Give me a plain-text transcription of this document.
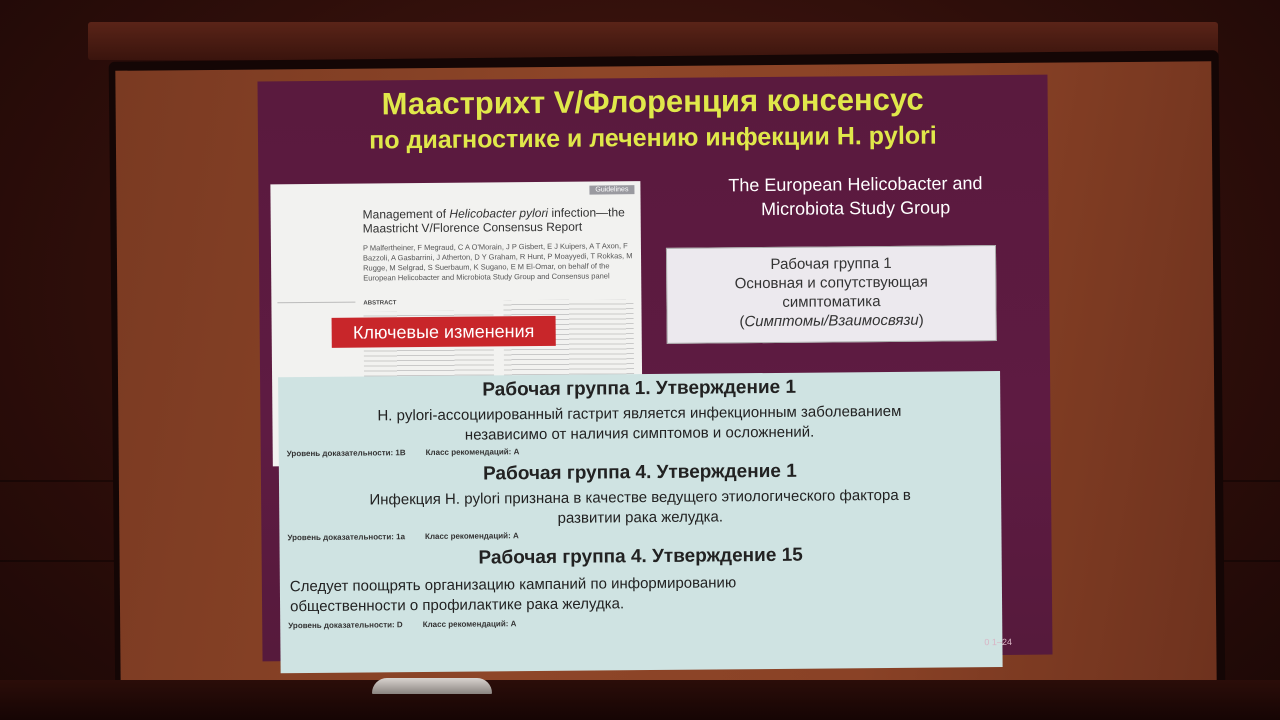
Маастрихт V/Флоренция консенсус
по диагностике и лечению инфекции H. pylori
Guidelines
Management of Helicobacter pylori infection—the Maastricht V/Florence Consensus Report
P Malfertheiner, F Megraud, C A O'Morain, J P Gisbert, E J Kuipers, A T Axon, F Bazzoli, A Gasbarrini, J Atherton, D Y Graham, R Hunt, P Moayyedi, T Rokkas, M Rugge, M Selgrad, S Suerbaum, K Sugano, E M El-Omar, on behalf of the European Helicobacter and Microbiota Study Group and Consensus panel
ABSTRACT
Ключевые изменения
The European Helicobacter and
Microbiota Study Group
Рабочая группа 1
Основная и сопутствующая
симптоматика
(Симптомы/Взаимосвязи)
Рабочая группа 1. Утверждение 1
H. pylori-ассоциированный гастрит является инфекционным заболеванием
независимо от наличия симптомов и осложнений.
Уровень доказательности: 1B Класс рекомендаций: A
Рабочая группа 4. Утверждение 1
Инфекция H. pylori признана в качестве ведущего этиологического фактора в
развитии рака желудка.
Уровень доказательности: 1a Класс рекомендаций: A
Рабочая группа 4. Утверждение 15
Следует поощрять организацию кампаний по информированию
общественности о профилактике рака желудка.
Уровень доказательности: D Класс рекомендаций: A
0 1–24
